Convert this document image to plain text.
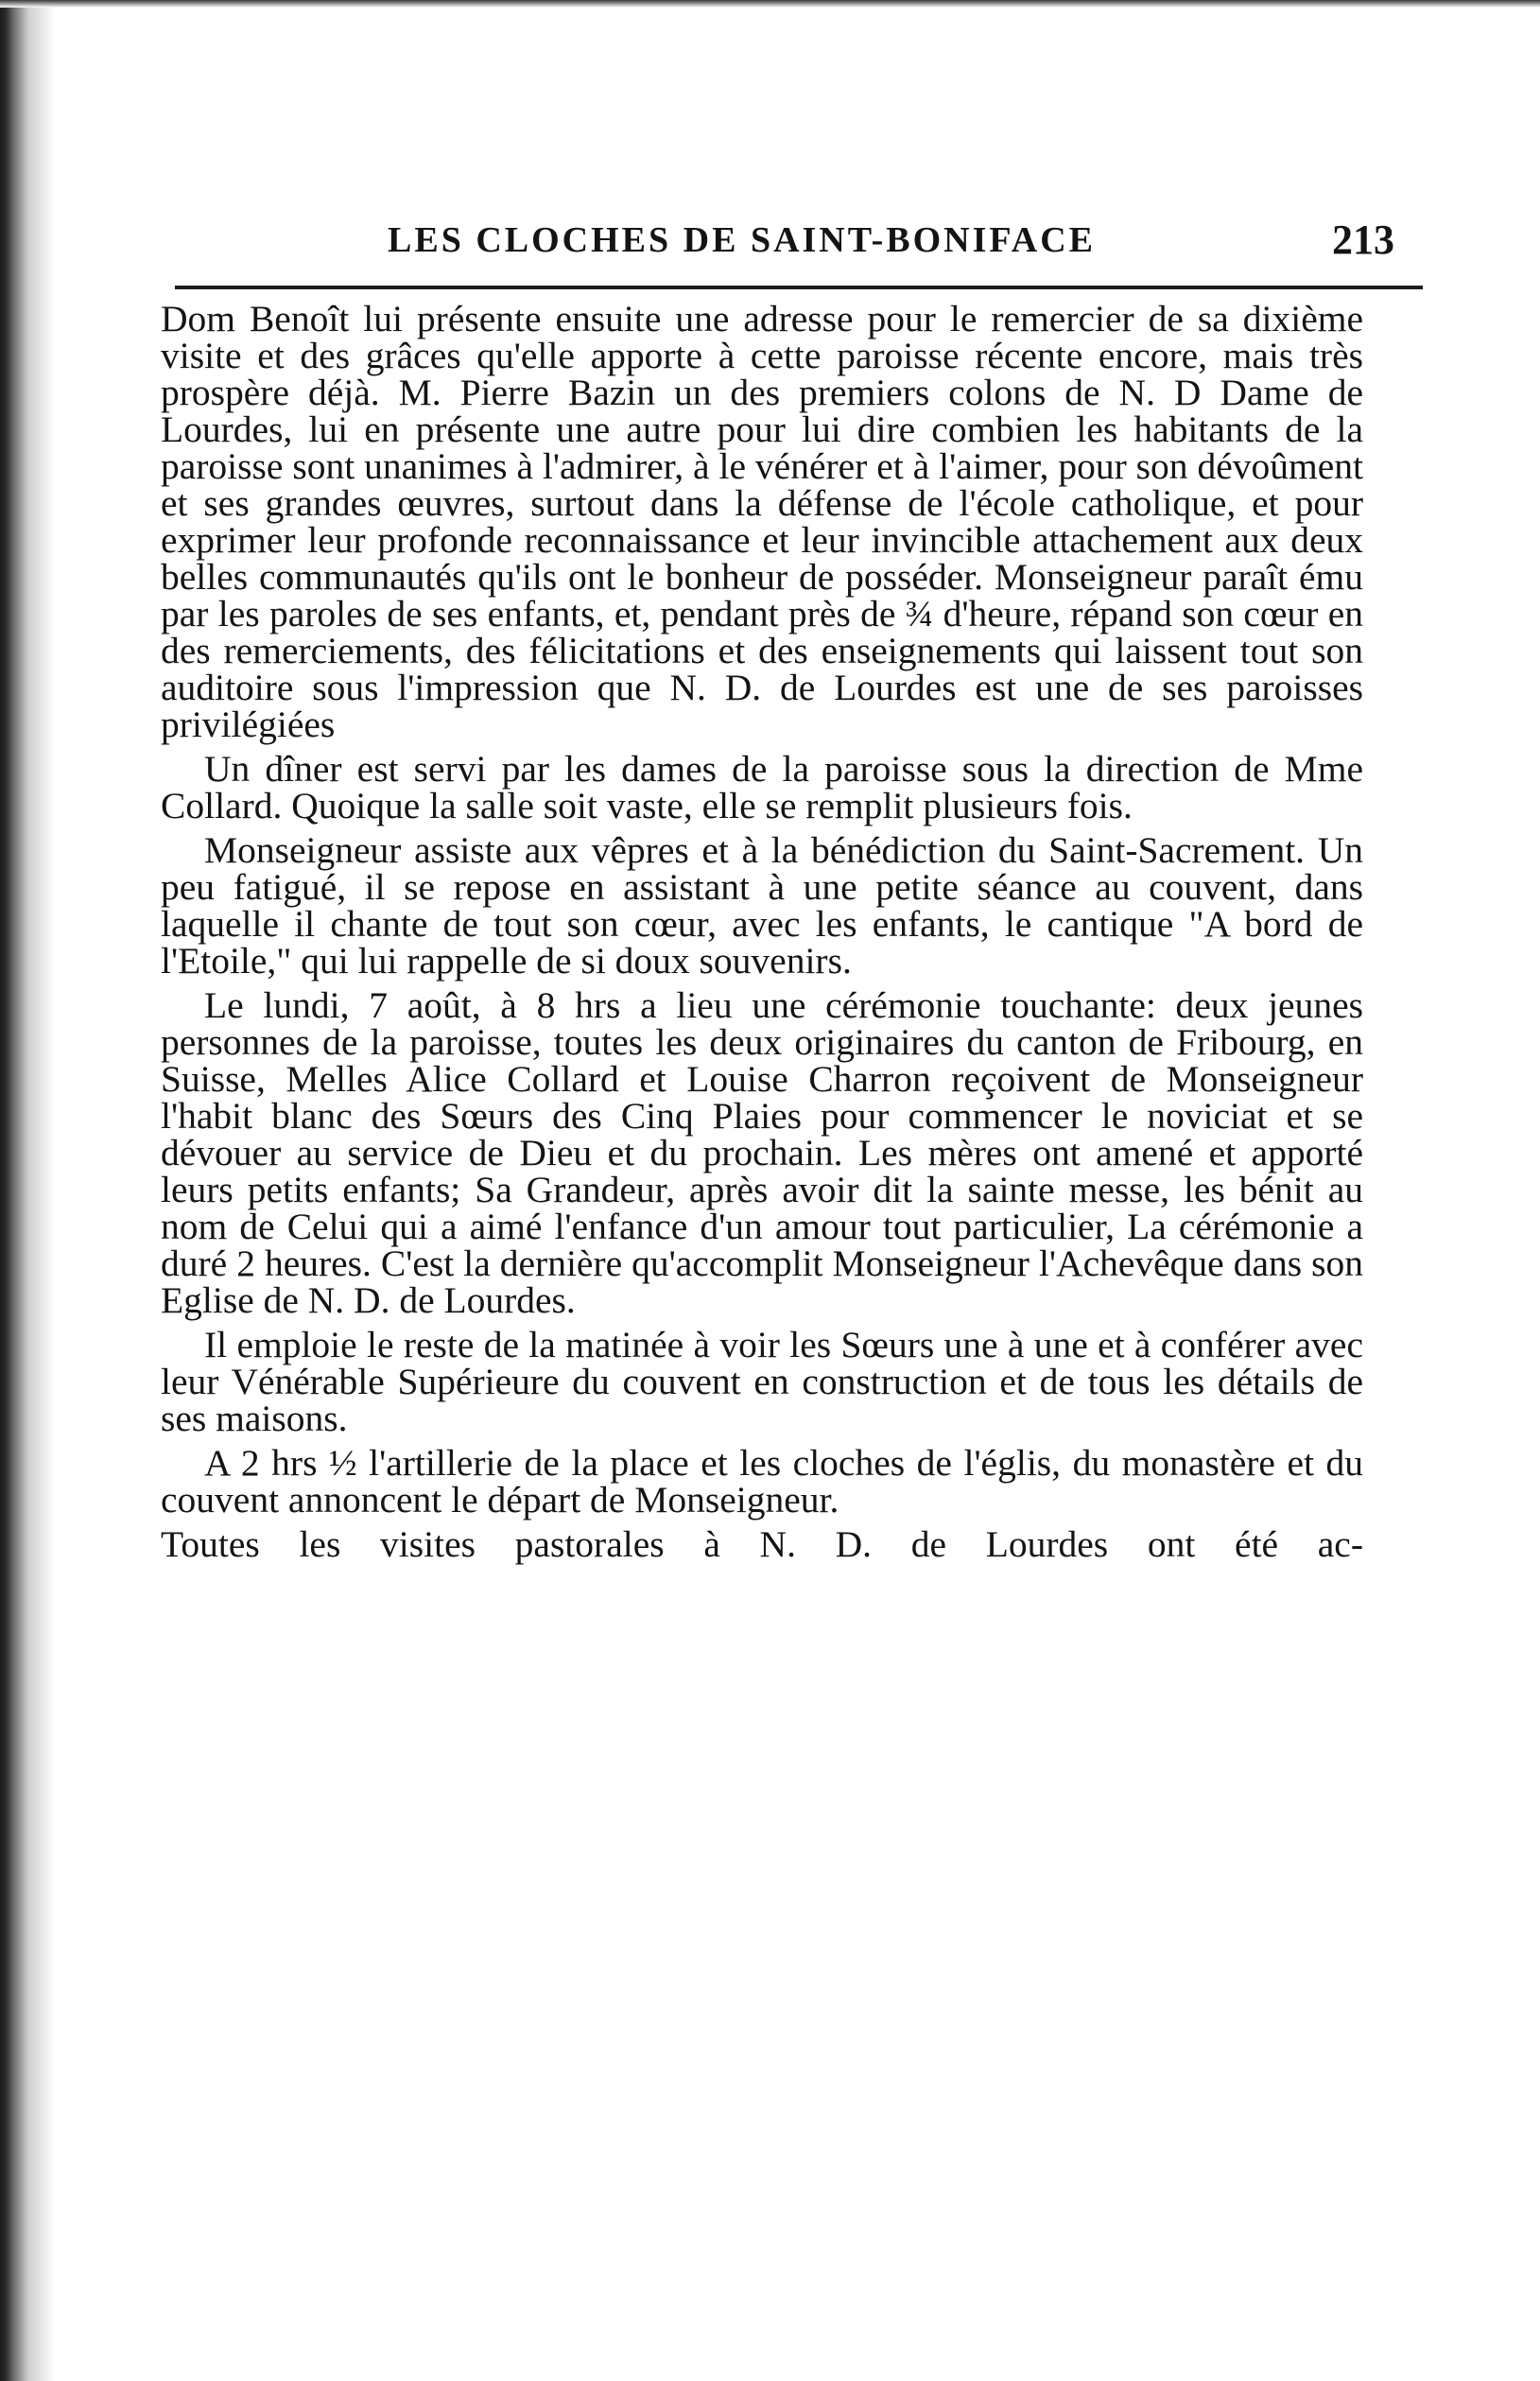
LES CLOCHES DE SAINT-BONIFACE	213

Dom Benoît lui présente ensuite une adresse pour le remercier de sa dixième visite et des grâces qu'elle apporte à cette paroisse récente encore, mais très prospère déjà. M. Pierre Bazin un des premiers colons de N. D Dame de Lourdes, lui en présente une autre pour lui dire combien les habitants de la paroisse sont unanimes à l'admirer, à le vénérer et à l'aimer, pour son dévoûment et ses grandes œuvres, surtout dans la défense de l'école catholique, et pour exprimer leur profonde reconnaissance et leur invincible attachement aux deux belles communautés qu'ils ont le bonheur de posséder. Monseigneur paraît ému par les paroles de ses enfants, et, pendant près de ¾ d'heure, répand son cœur en des remerciements, des félicitations et des enseignements qui laissent tout son auditoire sous l'impression que N. D. de Lourdes est une de ses paroisses privilégiées

Un dîner est servi par les dames de la paroisse sous la direction de Mme Collard. Quoique la salle soit vaste, elle se remplit plusieurs fois.

Monseigneur assiste aux vêpres et à la bénédiction du Saint-Sacrement. Un peu fatigué, il se repose en assistant à une petite séance au couvent, dans laquelle il chante de tout son cœur, avec les enfants, le cantique "A bord de l'Etoile," qui lui rappelle de si doux souvenirs.

Le lundi, 7 août, à 8 hrs a lieu une cérémonie touchante: deux jeunes personnes de la paroisse, toutes les deux originaires du canton de Fribourg, en Suisse, Melles Alice Collard et Louise Charron reçoivent de Monseigneur l'habit blanc des Sœurs des Cinq Plaies pour commencer le noviciat et se dévouer au service de Dieu et du prochain. Les mères ont amené et apporté leurs petits enfants; Sa Grandeur, après avoir dit la sainte messe, les bénit au nom de Celui qui a aimé l'enfance d'un amour tout particulier, La cérémonie a duré 2 heures. C'est la dernière qu'accomplit Monseigneur l'Achevêque dans son Eglise de N. D. de Lourdes.

Il emploie le reste de la matinée à voir les Sœurs une à une et à conférer avec leur Vénérable Supérieure du couvent en construction et de tous les détails de ses maisons.

A 2 hrs ½ l'artillerie de la place et les cloches de l'églis, du monastère et du couvent annoncent le départ de Monseigneur.

Toutes les visites pastorales à N. D. de Lourdes ont été ac-
